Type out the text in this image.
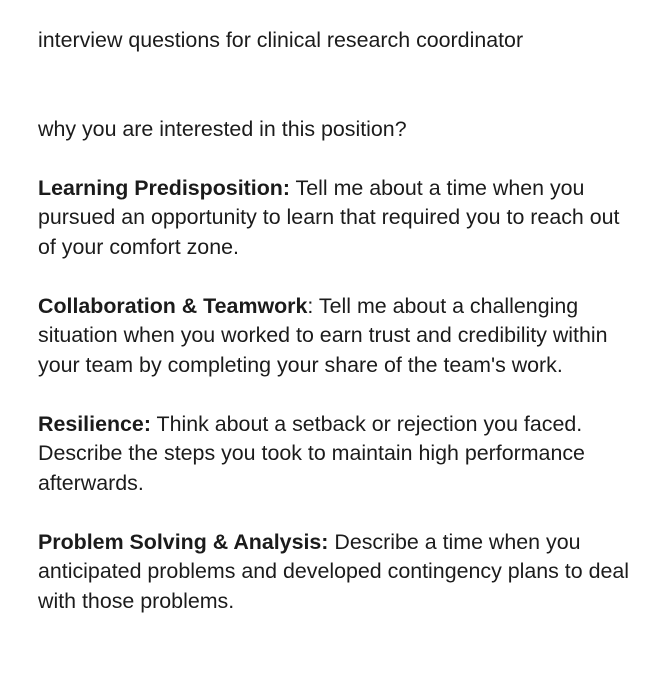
interview questions for clinical research coordinator

why you are interested in this position?

Learning Predisposition: Tell me about a time when you pursued an opportunity to learn that required you to reach out of your comfort zone.

Collaboration & Teamwork: Tell me about a challenging situation when you worked to earn trust and credibility within your team by completing your share of the team's work.

Resilience: Think about a setback or rejection you faced. Describe the steps you took to maintain high performance afterwards.

Problem Solving & Analysis: Describe a time when you anticipated problems and developed contingency plans to deal with those problems.
